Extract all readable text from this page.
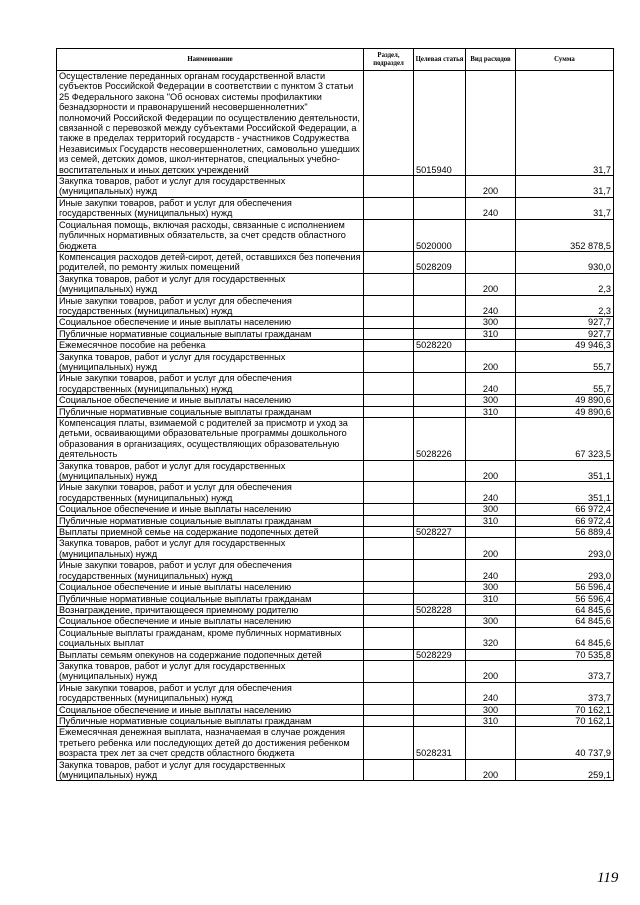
Наименование	Раздел, подраздел	Целевая статья	Вид расходов	Сумма
Осуществление переданных органам государственной власти субъектов Российской Федерации в соответствии с пунктом 3 статьи 25 Федерального закона "Об основах системы профилактики безнадзорности и правонарушений несовершеннолетних" полномочий Российской Федерации по осуществлению деятельности, связанной с перевозкой между субъектами Российской Федерации, а также в пределах территорий государств - участников Содружества Независимых Государств несовершеннолетних, самовольно ушедших из семей, детских домов, школ-интернатов, специальных учебно-воспитательных и иных детских учреждений		5015940		31,7
Закупка товаров, работ и услуг для государственных (муниципальных) нужд			200	31,7
Иные закупки товаров, работ и услуг для обеспечения государственных (муниципальных) нужд			240	31,7
Социальная помощь, включая расходы, связанные с исполнением публичных нормативных обязательств, за счет средств областного бюджета		5020000		352 878,5
Компенсация расходов детей-сирот, детей, оставшихся без попечения родителей, по ремонту жилых помещений		5028209		930,0
Закупка товаров, работ и услуг для государственных (муниципальных) нужд			200	2,3
Иные закупки товаров, работ и услуг для обеспечения государственных (муниципальных) нужд			240	2,3
Социальное обеспечение и иные выплаты населению			300	927,7
Публичные нормативные социальные выплаты гражданам			310	927,7
Ежемесячное пособие на ребенка		5028220		49 946,3
Закупка товаров, работ и услуг для государственных (муниципальных) нужд			200	55,7
Иные закупки товаров, работ и услуг для обеспечения государственных (муниципальных) нужд			240	55,7
Социальное обеспечение и иные выплаты населению			300	49 890,6
Публичные нормативные социальные выплаты гражданам			310	49 890,6
Компенсация платы, взимаемой с родителей за присмотр и уход за детьми, осваивающими образовательные программы дошкольного образования в организациях, осуществляющих образовательную деятельность		5028226		67 323,5
Закупка товаров, работ и услуг для государственных (муниципальных) нужд			200	351,1
Иные закупки товаров, работ и услуг для обеспечения государственных (муниципальных) нужд			240	351,1
Социальное обеспечение и иные выплаты населению			300	66 972,4
Публичные нормативные социальные выплаты гражданам			310	66 972,4
Выплаты приемной семье на содержание подопечных детей		5028227		56 889,4
Закупка товаров, работ и услуг для государственных (муниципальных) нужд			200	293,0
Иные закупки товаров, работ и услуг для обеспечения государственных (муниципальных) нужд			240	293,0
Социальное обеспечение и иные выплаты населению			300	56 596,4
Публичные нормативные социальные выплаты гражданам			310	56 596,4
Вознаграждение, причитающееся приемному родителю		5028228		64 845,6
Социальное обеспечение и иные выплаты населению			300	64 845,6
Социальные выплаты гражданам, кроме публичных нормативных социальных выплат			320	64 845,6
Выплаты семьям опекунов на содержание подопечных детей		5028229		70 535,8
Закупка товаров, работ и услуг для государственных (муниципальных) нужд			200	373,7
Иные закупки товаров, работ и услуг для обеспечения государственных (муниципальных) нужд			240	373,7
Социальное обеспечение и иные выплаты населению			300	70 162,1
Публичные нормативные социальные выплаты гражданам			310	70 162,1
Ежемесячная денежная выплата, назначаемая в случае рождения третьего ребенка или последующих детей до достижения ребенком возраста трех лет за счет средств областного бюджета		5028231		40 737,9
Закупка товаров, работ и услуг для государственных (муниципальных) нужд			200	259,1
119
